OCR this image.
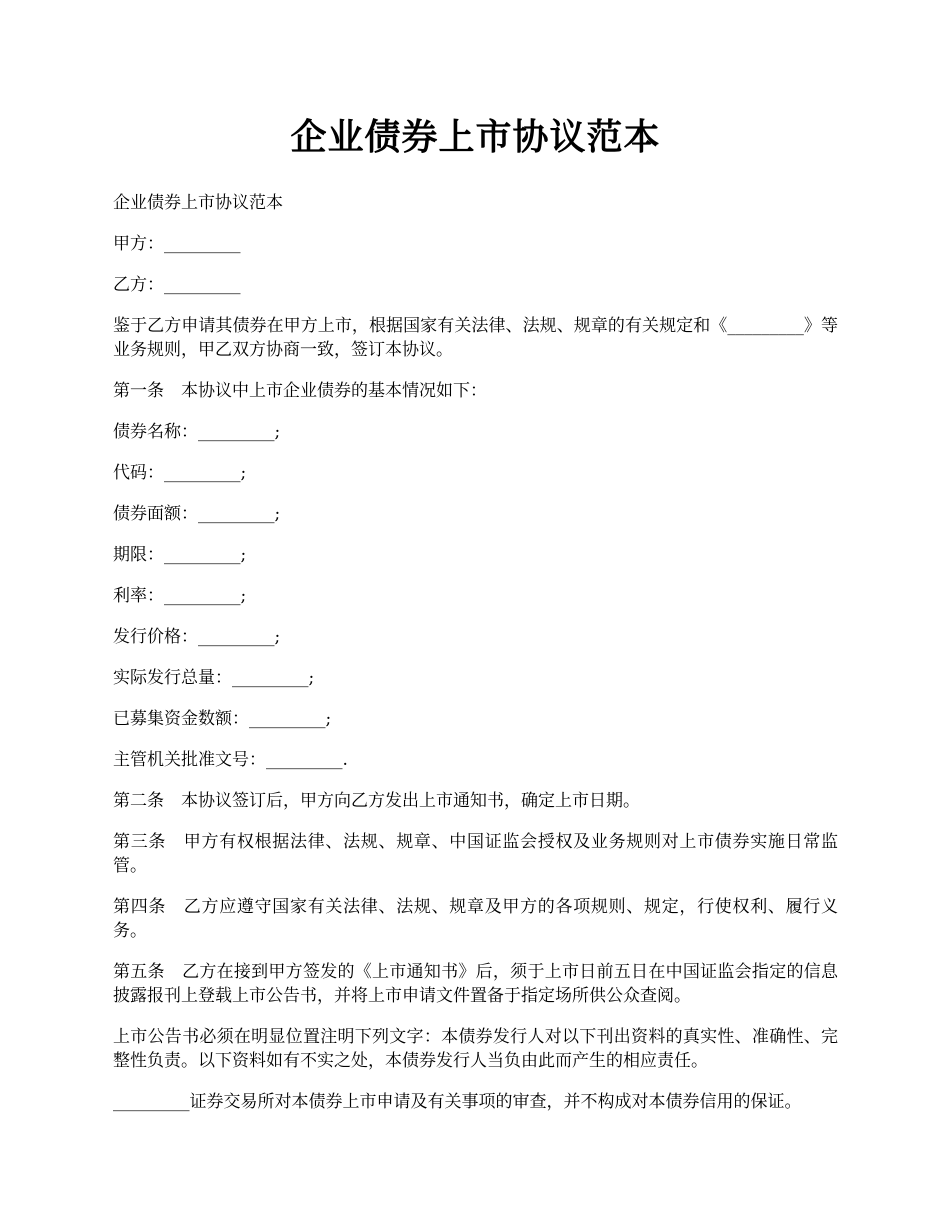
企业债券上市协议范本

企业债券上市协议范本

甲方：_________

乙方：_________

鉴于乙方申请其债券在甲方上市，根据国家有关法律、法规、规章的有关规定和《_________》等业务规则，甲乙双方协商一致，签订本协议。

第一条　本协议中上市企业债券的基本情况如下：

债券名称：_________;

代码：_________;

债券面额：_________;

期限：_________;

利率：_________;

发行价格：_________;

实际发行总量：_________;

已募集资金数额：_________;

主管机关批准文号：_________.

第二条　本协议签订后，甲方向乙方发出上市通知书，确定上市日期。

第三条　甲方有权根据法律、法规、规章、中国证监会授权及业务规则对上市债券实施日常监管。

第四条　乙方应遵守国家有关法律、法规、规章及甲方的各项规则、规定，行使权利、履行义务。

第五条　乙方在接到甲方签发的《上市通知书》后，须于上市日前五日在中国证监会指定的信息披露报刊上登载上市公告书，并将上市申请文件置备于指定场所供公众查阅。

上市公告书必须在明显位置注明下列文字：本债券发行人对以下刊出资料的真实性、准确性、完整性负责。以下资料如有不实之处，本债券发行人当负由此而产生的相应责任。

_________证券交易所对本债券上市申请及有关事项的审查，并不构成对本债券信用的保证。
